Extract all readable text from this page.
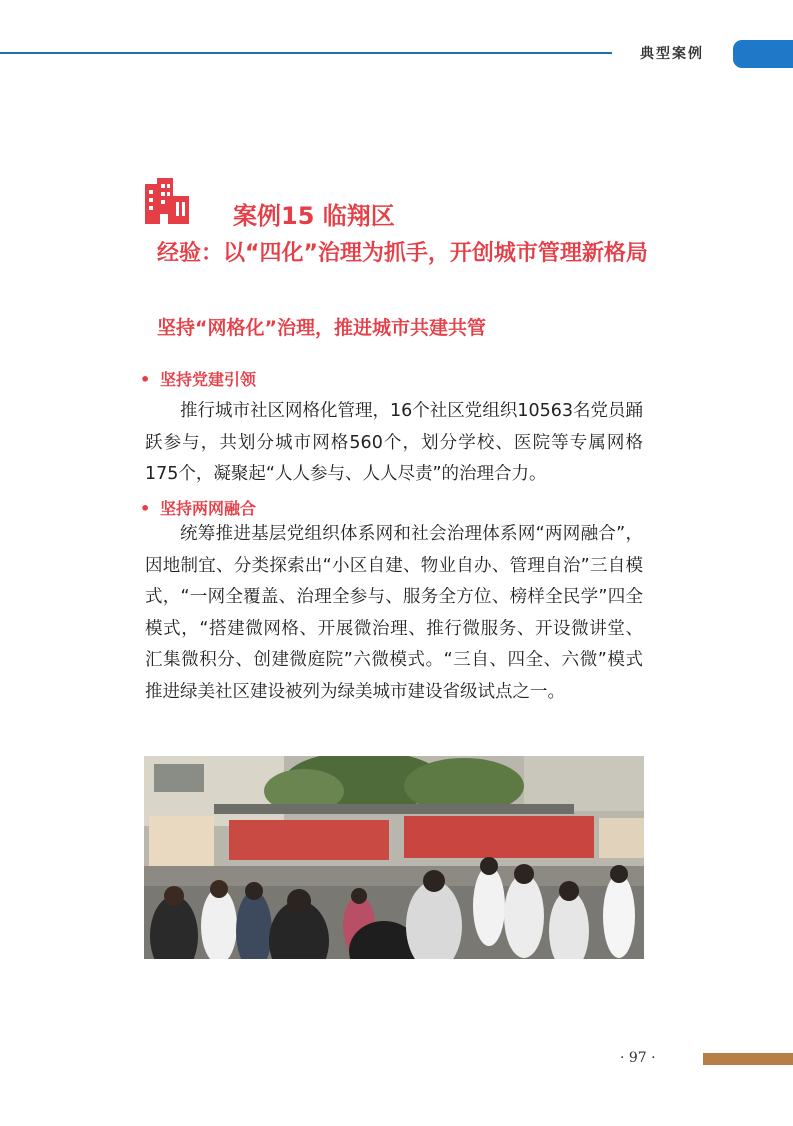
典型案例
案例15 临翔区
经验：以“四化”治理为抓手，开创城市管理新格局
坚持“网格化”治理，推进城市共建共管
• 坚持党建引领
推行城市社区网格化管理，16个社区党组织10563名党员踊跃参与，共划分城市网格560个，划分学校、医院等专属网格175个，凝聚起“人人参与、人人尽责”的治理合力。
• 坚持两网融合
统筹推进基层党组织体系网和社会治理体系网“两网融合”，因地制宜、分类探索出“小区自建、物业自办、管理自治”三自模式，“一网全覆盖、治理全参与、服务全方位、榜样全民学”四全模式，“搭建微网格、开展微治理、推行微服务、开设微讲堂、汇集微积分、创建微庭院”六微模式。“三自、四全、六微”模式推进绿美社区建设被列为绿美城市建设省级试点之一。
· 97 ·
